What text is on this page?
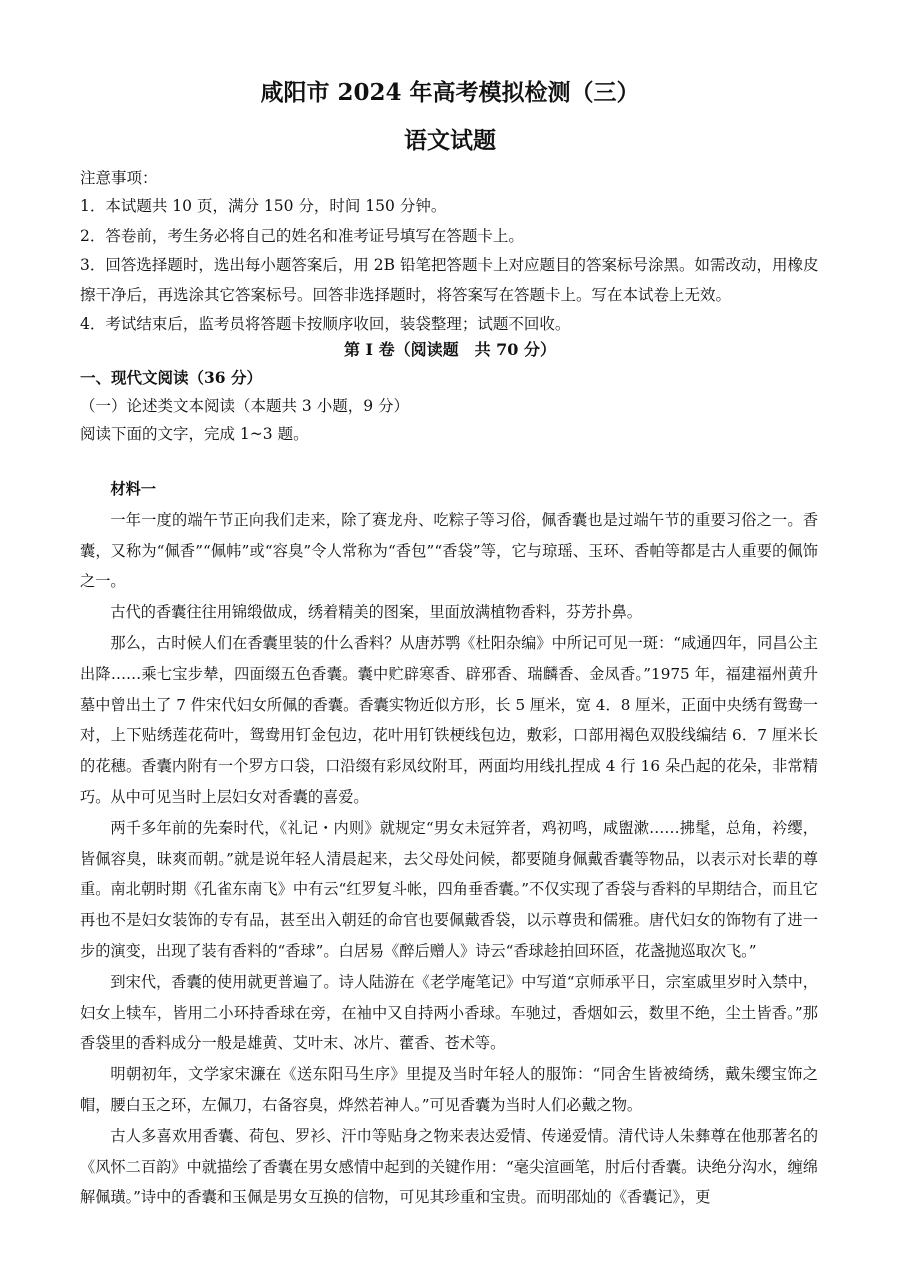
咸阳市 2024 年高考模拟检测（三）
语文试题

注意事项：

1．本试题共 10 页，满分 150 分，时间 150 分钟。

2．答卷前，考生务必将自己的姓名和准考证号填写在答题卡上。

3．回答选择题时，选出每小题答案后，用 2B 铅笔把答题卡上对应题目的答案标号涂黑。如需改动，用橡皮擦干净后，再选涂其它答案标号。回答非选择题时，将答案写在答题卡上。写在本试卷上无效。

4．考试结束后，监考员将答题卡按顺序收回，装袋整理；试题不回收。

第 I 卷（阅读题　共 70 分）

一、现代文阅读（36 分）

（一）论述类文本阅读（本题共 3 小题，9 分）

阅读下面的文字，完成 1~3 题。

材料一

一年一度的端午节正向我们走来，除了赛龙舟、吃粽子等习俗，佩香囊也是过端午节的重要习俗之一。香囊，又称为“佩香”“佩帏”或“容臭”令人常称为“香包”“香袋”等，它与琼瑶、玉环、香帕等都是古人重要的佩饰之一。

古代的香囊往往用锦缎做成，绣着精美的图案，里面放满植物香料，芬芳扑鼻。

那么，古时候人们在香囊里装的什么香料？从唐苏鹗《杜阳杂编》中所记可见一斑：“咸通四年，同昌公主出降……乘七宝步辇，四面缀五色香囊。囊中贮辟寒香、辟邪香、瑞麟香、金凤香。”1975 年，福建福州黄升墓中曾出土了 7 件宋代妇女所佩的香囊。香囊实物近似方形，长 5 厘米，宽 4．8 厘米，正面中央绣有鸳鸯一对，上下贴绣莲花荷叶，鸳鸯用钉金包边，花叶用钉铁梗线包边，敷彩，口部用褐色双股线编结 6．7 厘米长的花穗。香囊内附有一个罗方口袋，口沿缀有彩凤纹附耳，两面均用线扎捏成 4 行 16 朵凸起的花朵，非常精巧。从中可见当时上层妇女对香囊的喜爱。

两千多年前的先秦时代，《礼记・内则》就规定“男女未冠笄者，鸡初鸣，咸盥漱……拂髦，总角，衿缨，皆佩容臭，昧爽而朝。”就是说年轻人清晨起来，去父母处问候，都要随身佩戴香囊等物品，以表示对长辈的尊重。南北朝时期《孔雀东南飞》中有云“红罗复斗帐，四角垂香囊。”不仅实现了香袋与香料的早期结合，而且它再也不是妇女装饰的专有品，甚至出入朝廷的命官也要佩戴香袋，以示尊贵和儒雅。唐代妇女的饰物有了进一步的演变，出现了装有香料的“香球”。白居易《醉后赠人》诗云“香球趁拍回环匼，花盏抛巡取次飞。”

到宋代，香囊的使用就更普遍了。诗人陆游在《老学庵笔记》中写道“京师承平日，宗室戚里岁时入禁中，妇女上犊车，皆用二小环持香球在旁，在袖中又自持两小香球。车驰过，香烟如云，数里不绝，尘土皆香。”那香袋里的香料成分一般是雄黄、艾叶末、冰片、藿香、苍术等。

明朝初年，文学家宋濂在《送东阳马生序》里提及当时年轻人的服饰：“同舍生皆被绮绣，戴朱缨宝饰之帽，腰白玉之环，左佩刀，右备容臭，烨然若神人。”可见香囊为当时人们必戴之物。

古人多喜欢用香囊、荷包、罗衫、汗巾等贴身之物来表达爱情、传递爱情。清代诗人朱彝尊在他那著名的《风怀二百韵》中就描绘了香囊在男女感情中起到的关键作用：“毫尖渲画笔，肘后付香囊。诀绝分沟水，缠绵解佩璜。”诗中的香囊和玉佩是男女互换的信物，可见其珍重和宝贵。而明邵灿的《香囊记》，更
